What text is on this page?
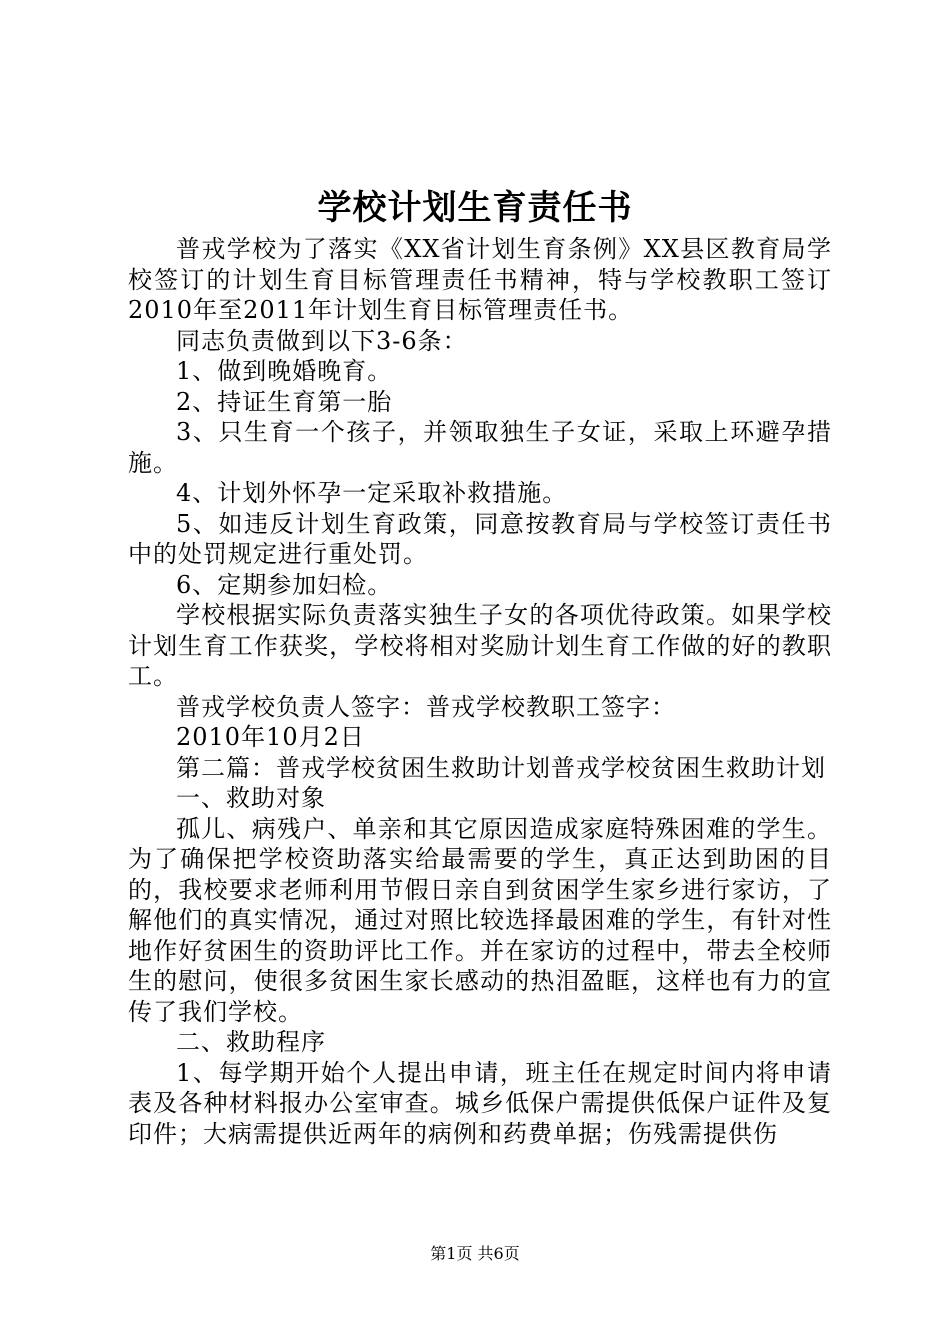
学校计划生育责任书

普戎学校为了落实《XX省计划生育条例》XX县区教育局学校签订的计划生育目标管理责任书精神，特与学校教职工签订2010年至2011年计划生育目标管理责任书。

同志负责做到以下3-6条：

1、做到晚婚晚育。

2、持证生育第一胎

3、只生育一个孩子，并领取独生子女证，采取上环避孕措施。

4、计划外怀孕一定采取补救措施。

5、如违反计划生育政策，同意按教育局与学校签订责任书中的处罚规定进行重处罚。

6、定期参加妇检。

学校根据实际负责落实独生子女的各项优待政策。如果学校计划生育工作获奖，学校将相对奖励计划生育工作做的好的教职工。

普戎学校负责人签字：普戎学校教职工签字：

2010年10月2日

第二篇：普戎学校贫困生救助计划普戎学校贫困生救助计划

一、救助对象

孤儿、病残户、单亲和其它原因造成家庭特殊困难的学生。为了确保把学校资助落实给最需要的学生，真正达到助困的目的，我校要求老师利用节假日亲自到贫困学生家乡进行家访，了解他们的真实情况，通过对照比较选择最困难的学生，有针对性地作好贫困生的资助评比工作。并在家访的过程中，带去全校师生的慰问，使很多贫困生家长感动的热泪盈眶，这样也有力的宣传了我们学校。

二、救助程序

1、每学期开始个人提出申请，班主任在规定时间内将申请表及各种材料报办公室审查。城乡低保户需提供低保户证件及复印件；大病需提供近两年的病例和药费单据；伤残需提供伤

第1页 共6页
